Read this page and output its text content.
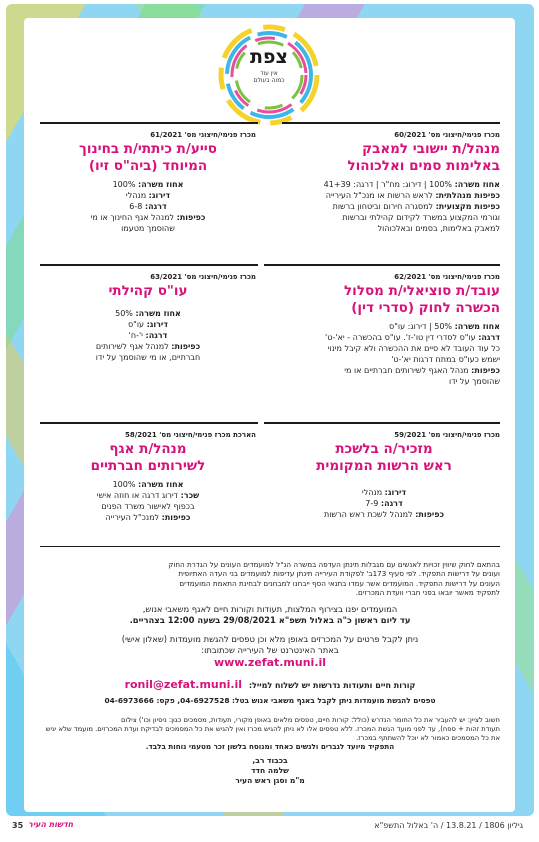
צפת
אין עוד
כמוה בעולם
מכרז פנימי/חיצוני מס' 60/2021
מנהל/ת יישובי למאבק
באלימות סמים ואלכוהול
אחוז משרה: 100% | דירוג: מח"ר | דרגה: 41+39
כפיפות מנהלתית: לראש הרשות או מנכ"ל העירייה
כפיפות מקצועית: למסגרה חירום וביטחון ברשות
וגורמי המקצוע במשרד לקידום קהילתי וברשות
למאבק באלימות, בסמים ובאלכוהול
מכרז פנימי/חיצוני מס' 61/2021
סייע/ת כיתתי/ת בחינוך
המיוחד (ביה"ס זיו)
אחוז משרה: 100%
דירוג: מנהלי
דרגה: 6-8
כפיפות: למנהל אגף החינוך או מי
שהוסמך מטעמו
מכרז פנימי/חיצוני מס' 62/2021
עובד/ת סוציאלי/ת מסלול
הכשרה לחוק (סדרי דין)
אחוז משרה: 50% | דירוג: עו"ס
דרגה: עו"ס לסדרי דין טו'-ז'. עו"ס בהכשרה - יא'-ט'
כל עוד העובד לא סיים את ההכשרה ולא קיבל מינוי
ישמש כעו"ס במתח דרגות יא'-ט'
כפיפות: מנהל האגף לשירותים חברתיים או מי
שהוסמך על ידו
מכרז פנימי/חיצוני מס' 63/2021
עו"ס קהילתי
אחוז משרה: 50%
דירוג: עו"ס
דרגה: י'-ח'
כפיפות: למנהל אגף לשירותים
חברתיים, או מי שהוסמך על ידו
מכרז פנימי/חיצוני מס' 59/2021
מזכיר/ה בלשכת
ראש הרשות המקומית
דירוג: מנהלי
דרגה: 7-9
כפיפות: למנהל לשכת ראש הרשות
הארכת מכרז פנימי/חיצוני מס' 58/2021
מנהל/ת אגף
לשירותים חברתיים
אחוז משרה: 100%
שכר: דירוג דרגה או חוזה אישי
בכפוף לאישור משרד הפנים
כפיפות: למנכ"ל העירייה
בהתאם לחוק שיווין זכויות לאנשים עם מגבלות תינתן העדפה במשרה הנ"ל למועמדים העונים על הגדרת החוק
ועונים על דרישות התפקיד. לפי סעיף 173ב' לפקודת העירייה תינתן עדיפות למועמדים בני העדה האתיופית
העונים על דרישות התפקיד. המועמדים אשר עמדו בתנאי הסף ייבחנו למבחנים לבחינת התאמת המועמדים
לתפקיד מאשר יובאו בפני חברי וועדת המכרזים.
המועמדים יפנו בצירוף המלצות, תעודות וקורות חיים לאגף משאבי אנוש,
עד ליום ראשון כ"ה באלול תשפ"א 29/08/2021 בשעה 12:00 בצהריים.
ניתן לקבל פרטים על המכרזים באופן מלא וכן טפסים להגשת מועמדות (שאלון אישי)
באתר האינטרנט של העירייה שכתובתו:
www.zefat.muni.il
קורות חיים ותעודות נדרשות יש לשלוח למייל: ronil@zefat.muni.il
טפסים להגשת מועמדות ניתן לקבל באגף משאבי אנוש בטל: 04-6927528, פקס: 04-6973666
חשוב לציין: יש להעביר את כל החומר הנדרש (כולל: קורות חיים, טפסים מלאים באופן מקורי, תעודות, מסמכים כגון: ניסיון וכו') צילום
תעודת זהות + ספח), עד לפני מועד הגשת המכרז. ללא טפסים אלו לא ניתן להגיש מכרז ואין להגיש את כל המסמכים לבדיקת ועדת המכרזים. מועמד שלא יגיש את כל המסמכים כאמור לא יוכל להשתתף במכרז.
התפקיד מיועד לגברים ולנשים כאחד ומנוסח בלשון זכר מטעמי נוחות בלבד.
בכבוד רב,
שלמה חדד
מ"מ וסגן ראש העיר
35 חדשות העיר	גיליון 1806 / 13.8.21 / ה' באלול התשפ"א
